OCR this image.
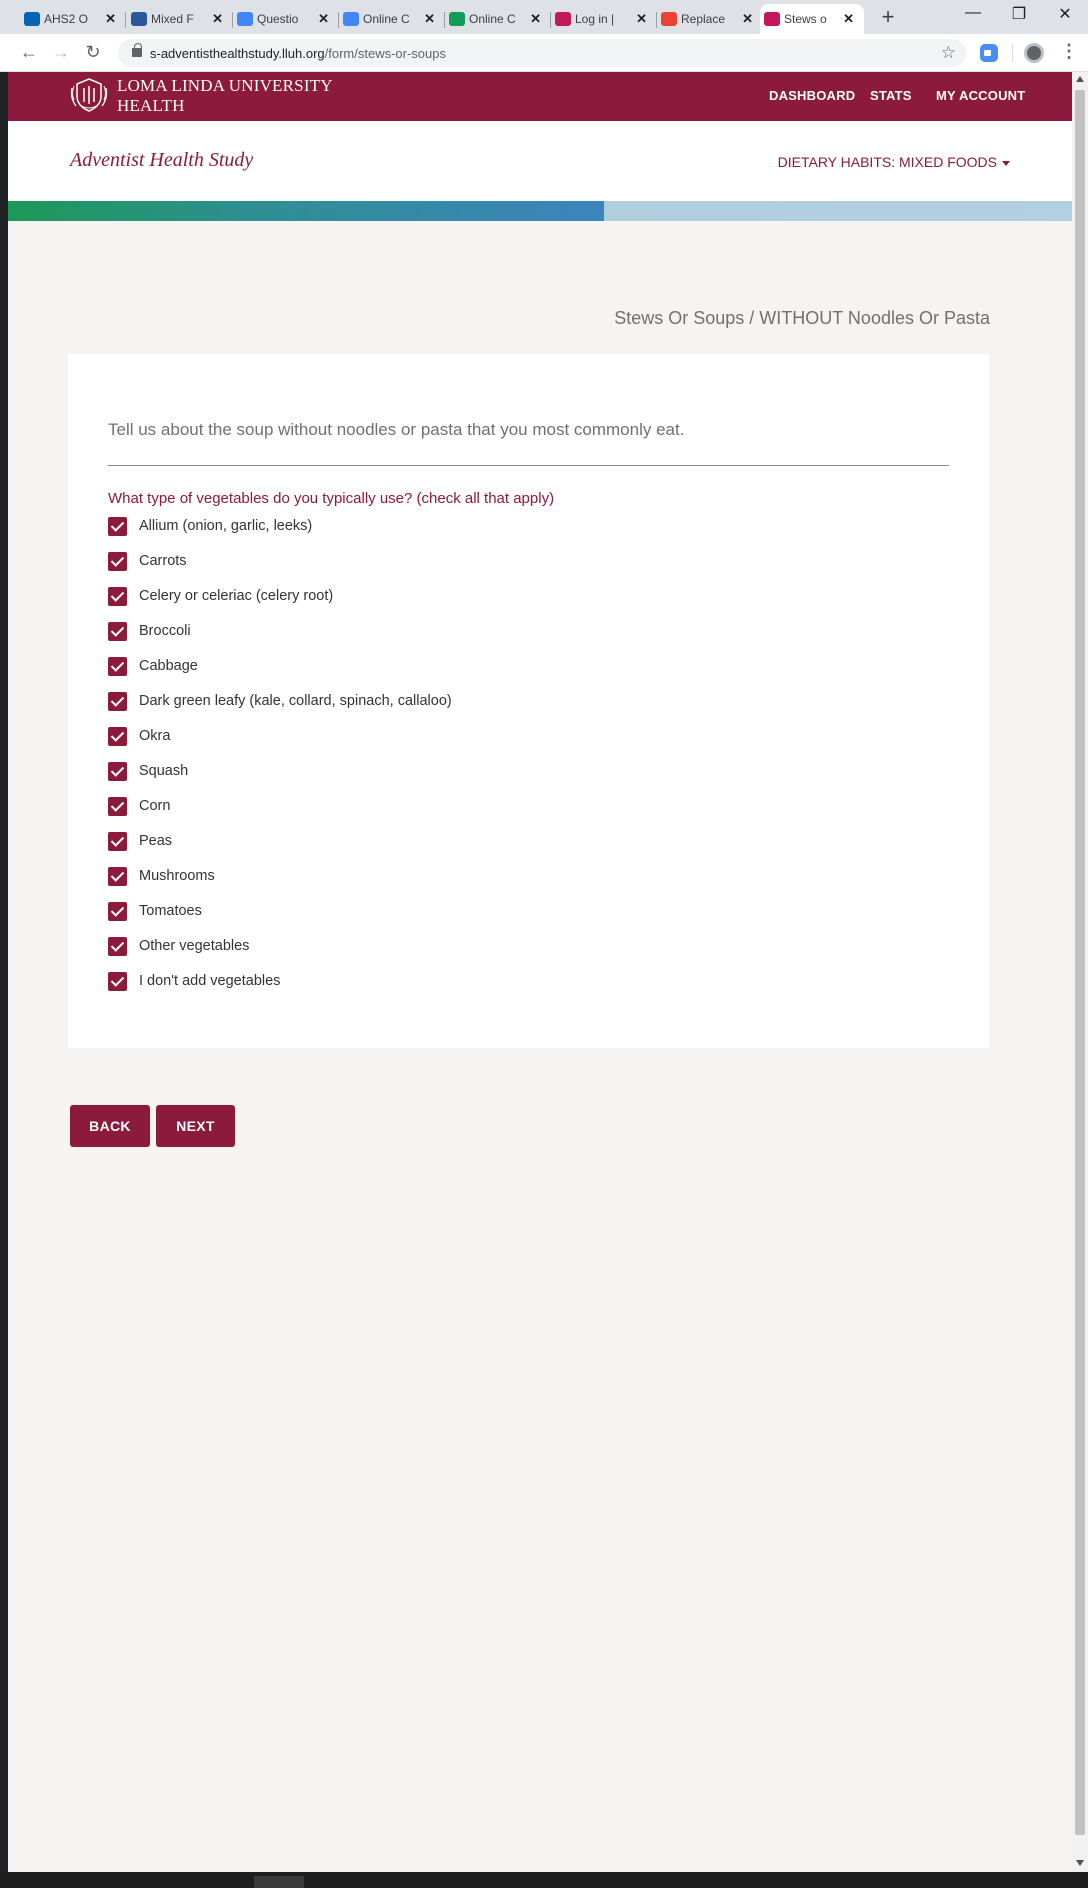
AHS2 O	✕	Mixed F	✕	Questio	✕	Online C ✕	Online C ✕	Log in |	✕	Replace	✕	Stews o	✕ +	—	❐	✕
← → ↻	s-adventisthealthstudy.lluh.org/form/stews-or-soups	☆	⋮
LOMA LINDA UNIVERSITY
HEALTH
DASHBOARD STATS MY ACCOUNT
Adventist Health Study	DIETARY HABITS: MIXED FOODS
Stews Or Soups / WITHOUT Noodles Or Pasta
Tell us about the soup without noodles or pasta that you most commonly eat.
What type of vegetables do you typically use? (check all that apply)
Allium (onion, garlic, leeks)
Carrots
Celery or celeriac (celery root)
Broccoli
Cabbage
Dark green leafy (kale, collard, spinach, callaloo)
Okra
Squash
Corn
Peas
Mushrooms
Tomatoes
Other vegetables
I don't add vegetables
BACK	NEXT
